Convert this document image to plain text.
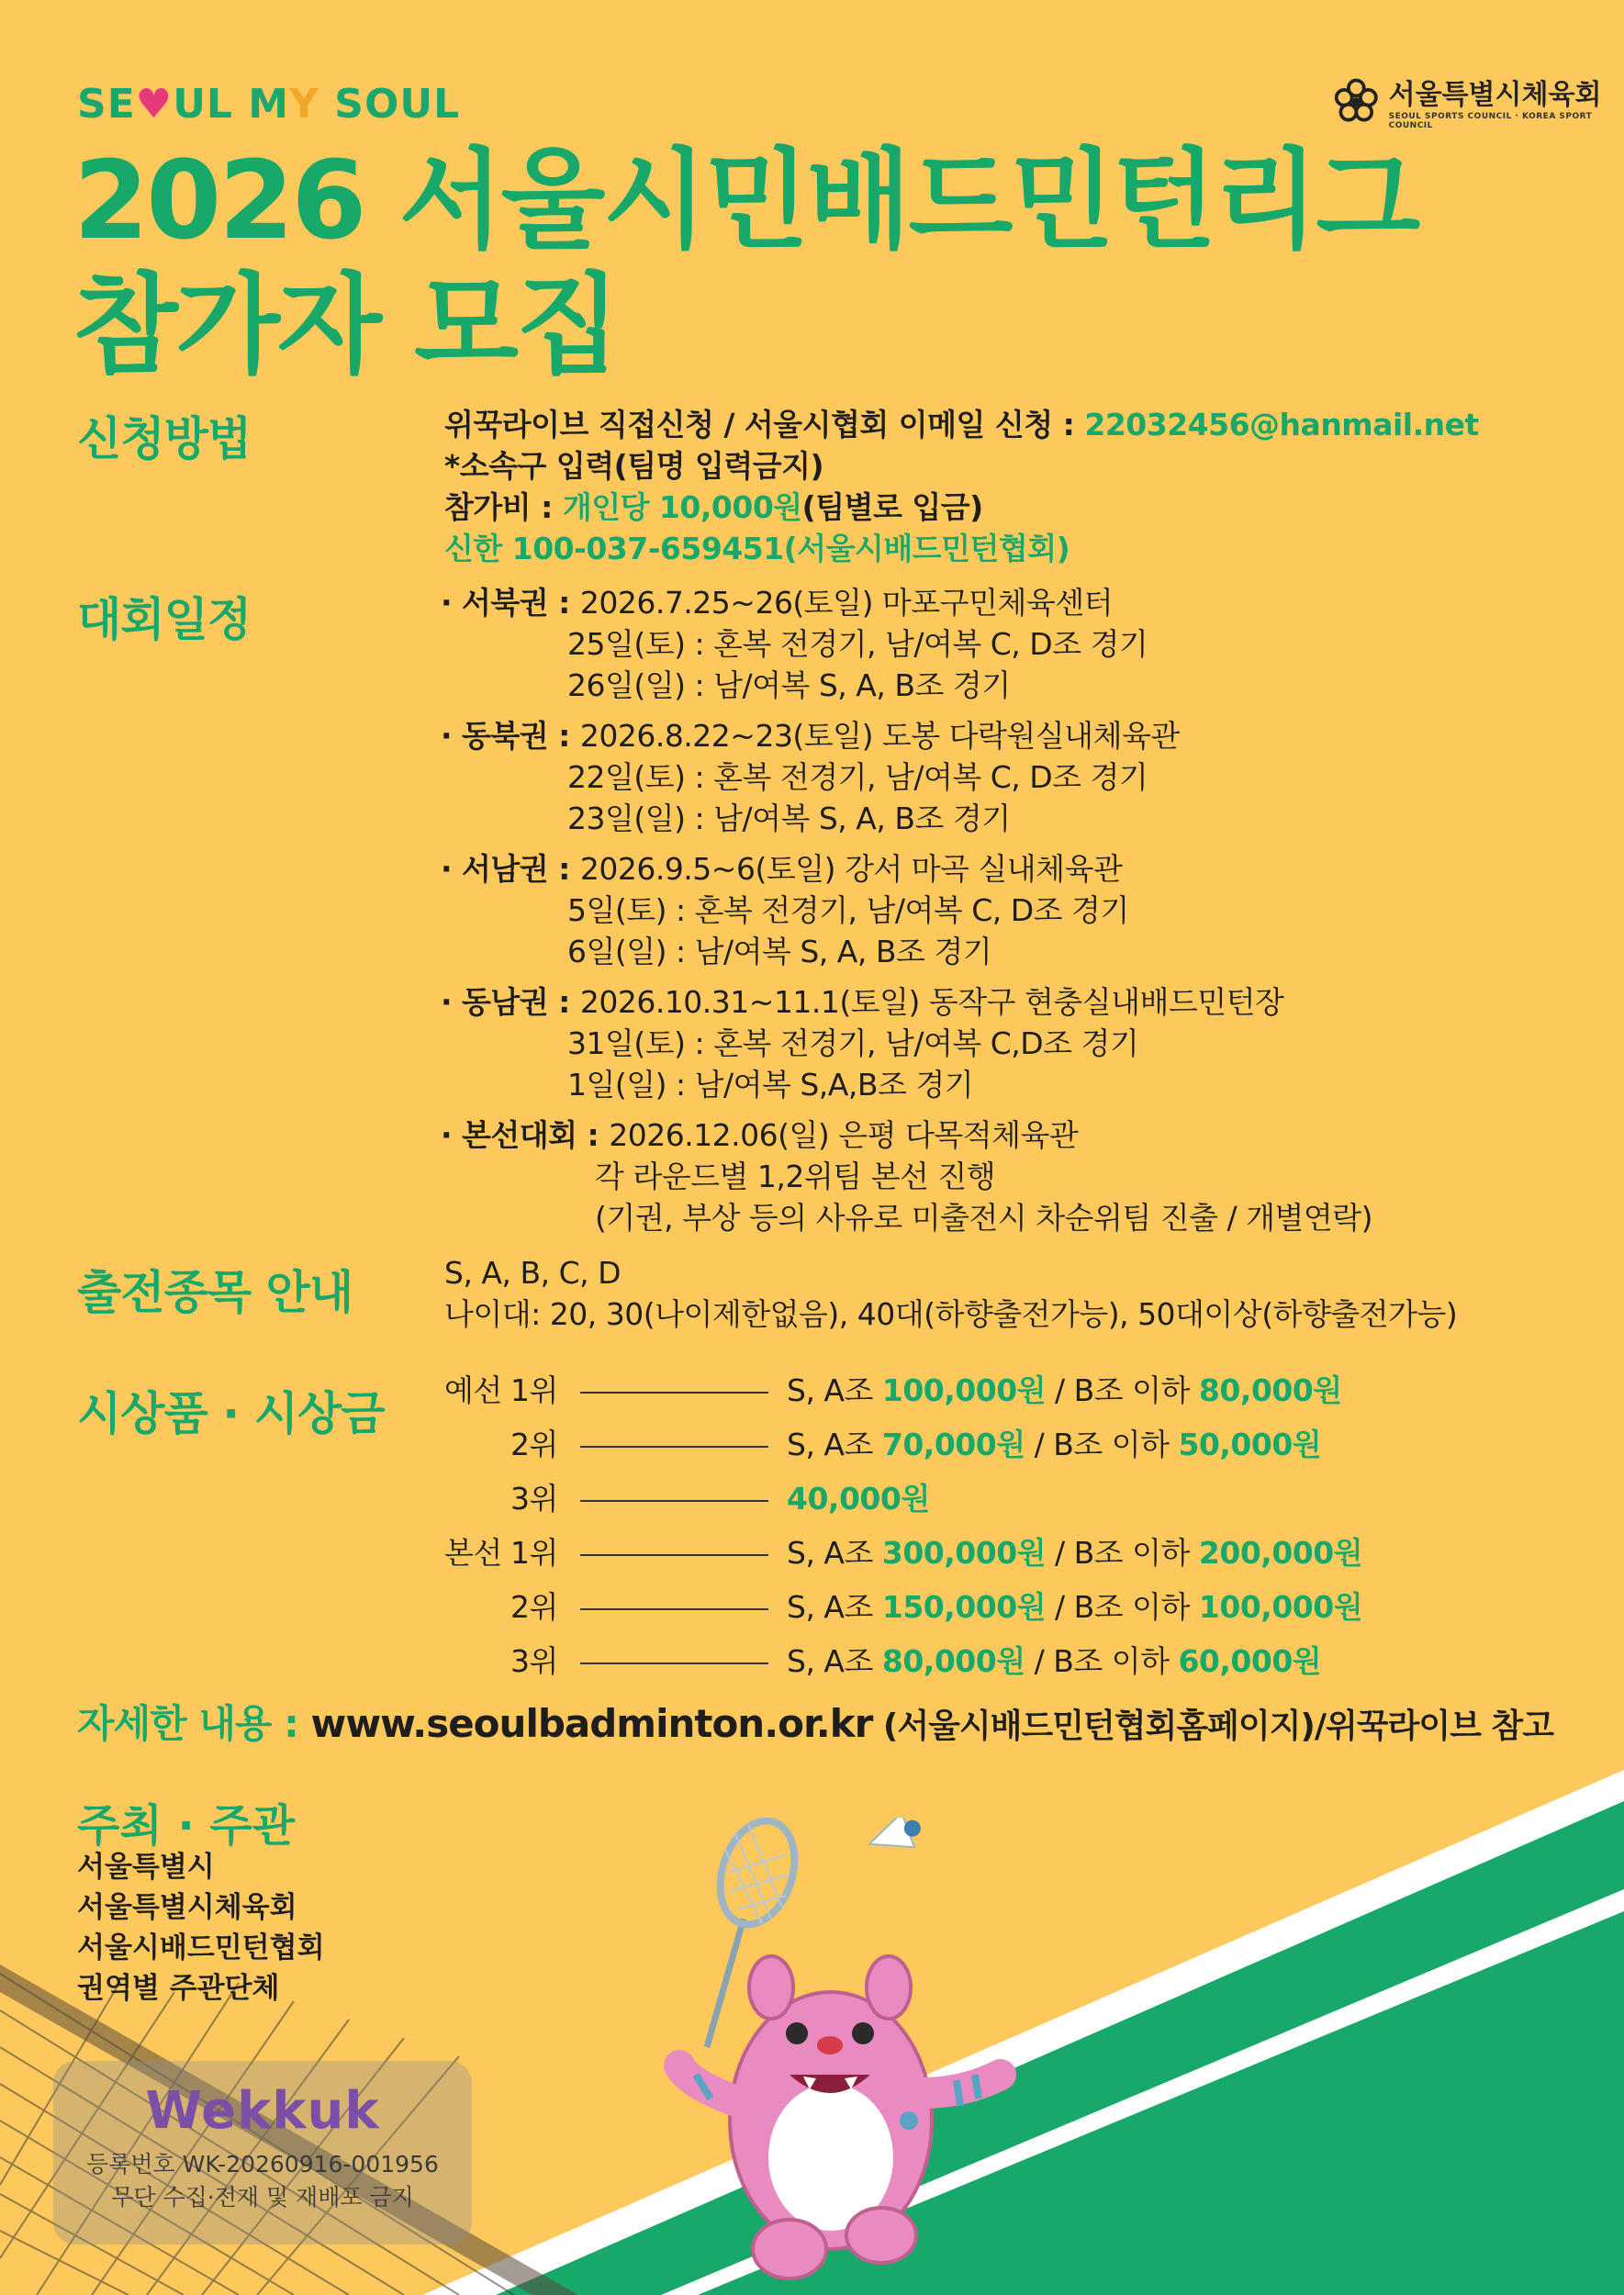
SE♥UL MY SOUL	서울특별시체육회
SEOUL SPORTS COUNCIL · KOREA SPORT COUNCIL
2026 서울시민배드민턴리그
참가자 모집
신청방법	위꾹라이브 직접신청 / 서울시협회 이메일 신청 : 22032456@hanmail.net
*소속구 입력(팀명 입력금지)
참가비 : 개인당 10,000원(팀별로 입금)
신한 100-037-659451(서울시배드민턴협회)
대회일정	· 서북권 : 2026.7.25~26(토일) 마포구민체육센터
25일(토) : 혼복 전경기, 남/여복 C, D조 경기
26일(일) : 남/여복 S, A, B조 경기
· 동북권 : 2026.8.22~23(토일) 도봉 다락원실내체육관
22일(토) : 혼복 전경기, 남/여복 C, D조 경기
23일(일) : 남/여복 S, A, B조 경기
· 서남권 : 2026.9.5~6(토일) 강서 마곡 실내체육관
5일(토) : 혼복 전경기, 남/여복 C, D조 경기
6일(일) : 남/여복 S, A, B조 경기
· 동남권 : 2026.10.31~11.1(토일) 동작구 현충실내배드민턴장
31일(토) : 혼복 전경기, 남/여복 C,D조 경기
1일(일) : 남/여복 S,A,B조 경기
· 본선대회 : 2026.12.06(일) 은평 다목적체육관
각 라운드별 1,2위팀 본선 진행
(기권, 부상 등의 사유로 미출전시 차순위팀 진출 / 개별연락)
출전종목 안내	S, A, B, C, D
나이대: 20, 30(나이제한없음), 40대(하향출전가능), 50대이상(하향출전가능)
시상품 · 시상금 예선 1위	S, A조 100,000원 / B조 이하 80,000원
2위	S, A조 70,000원 / B조 이하 50,000원
3위	40,000원
본선 1위	S, A조 300,000원 / B조 이하 200,000원
2위	S, A조 150,000원 / B조 이하 100,000원
3위	S, A조 80,000원 / B조 이하 60,000원
자세한 내용 : www.seoulbadminton.or.kr (서울시배드민턴협회홈페이지)/위꾹라이브 참고
주최 · 주관
서울특별시
서울특별시체육회
서울시배드민턴협회
권역별 주관단체
Wekkuk
등록번호 WK-20260916-001956
무단 수집·전재 및 재배포 금지
